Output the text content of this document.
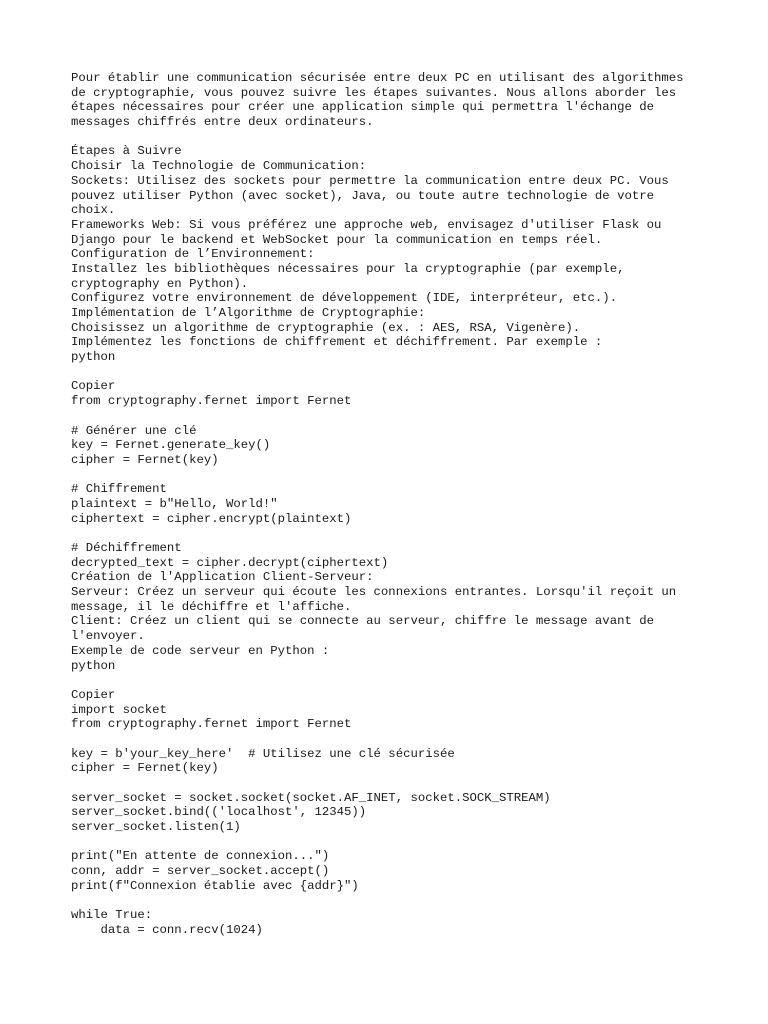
Pour établir une communication sécurisée entre deux PC en utilisant des algorithmes
de cryptographie, vous pouvez suivre les étapes suivantes. Nous allons aborder les
étapes nécessaires pour créer une application simple qui permettra l'échange de
messages chiffrés entre deux ordinateurs.
Étapes à Suivre
Choisir la Technologie de Communication:
Sockets: Utilisez des sockets pour permettre la communication entre deux PC. Vous
pouvez utiliser Python (avec socket), Java, ou toute autre technologie de votre
choix.
Frameworks Web: Si vous préférez une approche web, envisagez d'utiliser Flask ou
Django pour le backend et WebSocket pour la communication en temps réel.
Configuration de l’Environnement:
Installez les bibliothèques nécessaires pour la cryptographie (par exemple,
cryptography en Python).
Configurez votre environnement de développement (IDE, interpréteur, etc.).
Implémentation de l’Algorithme de Cryptographie:
Choisissez un algorithme de cryptographie (ex. : AES, RSA, Vigenère).
Implémentez les fonctions de chiffrement et déchiffrement. Par exemple :
python
Copier
from cryptography.fernet import Fernet
# Générer une clé
key = Fernet.generate_key()
cipher = Fernet(key)
# Chiffrement
plaintext = b"Hello, World!"
ciphertext = cipher.encrypt(plaintext)
# Déchiffrement
decrypted_text = cipher.decrypt(ciphertext)
Création de l'Application Client-Serveur:
Serveur: Créez un serveur qui écoute les connexions entrantes. Lorsqu'il reçoit un
message, il le déchiffre et l'affiche.
Client: Créez un client qui se connecte au serveur, chiffre le message avant de
l'envoyer.
Exemple de code serveur en Python :
python
Copier
import socket
from cryptography.fernet import Fernet
key = b'your_key_here'  # Utilisez une clé sécurisée
cipher = Fernet(key)
server_socket = socket.socket(socket.AF_INET, socket.SOCK_STREAM)
server_socket.bind(('localhost', 12345))
server_socket.listen(1)
print("En attente de connexion...")
conn, addr = server_socket.accept()
print(f"Connexion établie avec {addr}")
while True:
data = conn.recv(1024)
